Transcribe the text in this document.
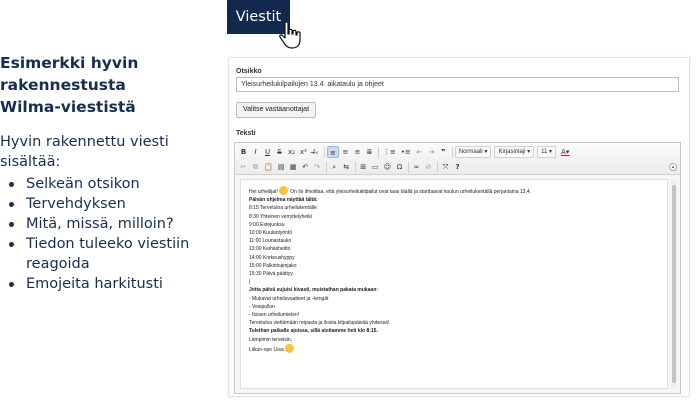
Esimerkki hyvin
rakennestusta
Wilma-viestistä
Hyvin rakennettu viesti
sisältää:
Selkeän otsikon
Tervehdyksen
Mitä, missä, milloin?
Tiedon tuleeko viestiin
reagoida
Emojeita harkitusti
Viestit
Otsikko
Yleisurheilukilpailujen 13.4. aikataulu ja ohjeet
Valitse vastaanottajat
Teksti
B	I	U	S x₂ x² I̶ₓ	≡ ≡ ≡ ≣	⋮≡ •≡ ⇤ ⇥	❞	Normaali ▾	Kirjasinlaji ▾	11 ▾	A▾
✂ ⧉ 📋 ▤ ▦ ↶ ↷	⌕	⇆	⊞ ▭ ☺ Ω	∞ ⊘	⤧	?	▴

Hei urheilijat! On ilo ilmoittaa, että yleisurheilukilpailut ovat taas täällä ja starttaavat koulun urheilukentällä perjantaina 13.4.

Päivän ohjelma näyttää tältä:

8:15 Tervetuloa urheilukentälle

8:30 Yhteinen verryttelyhetki

9:00 Estejuoksu

10:00 Kuulantyöntö

11:00 Lounastauko

13:00 Keihäsheitto

14:00 Korkeushyppy

15:00 Palkintojenjako

15:30 Päivä päättyy

|

Jotta päivä sujuisi kivasti, muistathan pakata mukaan:

- Mukavat urheiluvaatteet ja -kengät

- Vesipullon

- Iloisen urheilumielen!

Tervetuloa viettämään reipasta ja iloista kilpailupäivää yhdessä!

Tulethan paikalle ajoissa, sillä aloitamme heti klo 8:15.

Lämpimin terveisin,

Liikun-ope Liisa
